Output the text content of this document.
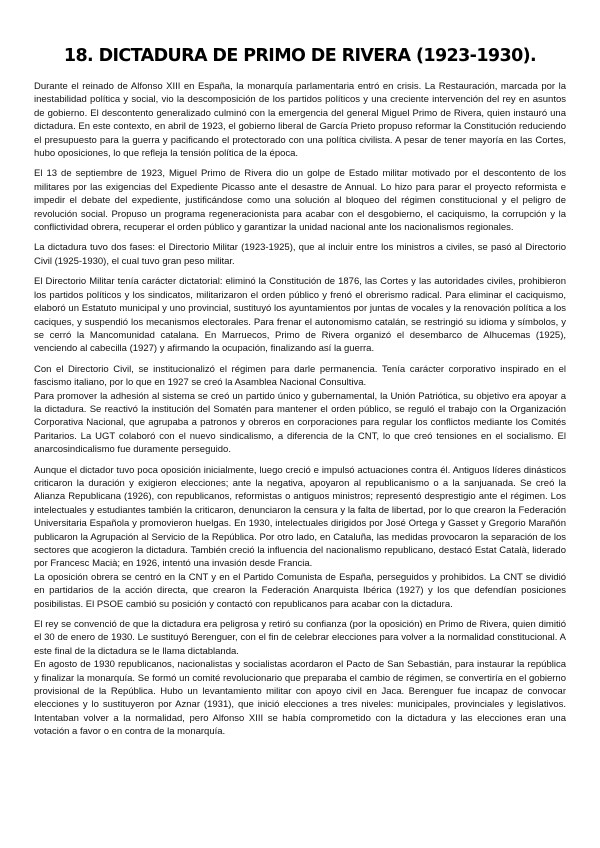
18. DICTADURA DE PRIMO DE RIVERA (1923-1930).

Durante el reinado de Alfonso XIII en España, la monarquía parlamentaria entró en crisis. La Restauración, marcada por la inestabilidad política y social, vio la descomposición de los partidos políticos y una creciente intervención del rey en asuntos de gobierno. El descontento generalizado culminó con la emergencia del general Miguel Primo de Rivera, quien instauró una dictadura. En este contexto, en abril de 1923, el gobierno liberal de García Prieto propuso reformar la Constitución reduciendo el presupuesto para la guerra y pacificando el protectorado con una política civilista. A pesar de tener mayoría en las Cortes, hubo oposiciones, lo que refleja la tensión política de la época.

El 13 de septiembre de 1923, Miguel Primo de Rivera dio un golpe de Estado militar motivado por el descontento de los militares por las exigencias del Expediente Picasso ante el desastre de Annual. Lo hizo para parar el proyecto reformista e impedir el debate del expediente, justificándose como una solución al bloqueo del régimen constitucional y el peligro de revolución social. Propuso un programa regeneracionista para acabar con el desgobierno, el caciquismo, la corrupción y la conflictividad obrera, recuperar el orden público y garantizar la unidad nacional ante los nacionalismos regionales.

La dictadura tuvo dos fases: el Directorio Militar (1923-1925), que al incluir entre los ministros a civiles, se pasó al Directorio Civil (1925-1930), el cual tuvo gran peso militar.

El Directorio Militar tenía carácter dictatorial: eliminó la Constitución de 1876, las Cortes y las autoridades civiles, prohibieron los partidos políticos y los sindicatos, militarizaron el orden público y frenó el obrerismo radical. Para eliminar el caciquismo, elaboró un Estatuto municipal y uno provincial, sustituyó los ayuntamientos por juntas de vocales y la renovación política a los caciques, y suspendió los mecanismos electorales. Para frenar el autonomismo catalán, se restringió su idioma y símbolos, y se cerró la Mancomunidad catalana. En Marruecos, Primo de Rivera organizó el desembarco de Alhucemas (1925), venciendo al cabecilla (1927) y afirmando la ocupación, finalizando así la guerra.

Con el Directorio Civil, se institucionalizó el régimen para darle permanencia. Tenía carácter corporativo inspirado en el fascismo italiano, por lo que en 1927 se creó la Asamblea Nacional Consultiva.

Para promover la adhesión al sistema se creó un partido único y gubernamental, la Unión Patriótica, su objetivo era apoyar a la dictadura. Se reactivó la institución del Somatén para mantener el orden público, se reguló el trabajo con la Organización Corporativa Nacional, que agrupaba a patronos y obreros en corporaciones para regular los conflictos mediante los Comités Paritarios. La UGT colaboró con el nuevo sindicalismo, a diferencia de la CNT, lo que creó tensiones en el socialismo. El anarcosindicalismo fue duramente perseguido.

Aunque el dictador tuvo poca oposición inicialmente, luego creció e impulsó actuaciones contra él. Antiguos líderes dinásticos criticaron la duración y exigieron elecciones; ante la negativa, apoyaron al republicanismo o a la sanjuanada. Se creó la Alianza Republicana (1926), con republicanos, reformistas o antiguos ministros; representó desprestigio ante el régimen. Los intelectuales y estudiantes también la criticaron, denunciaron la censura y la falta de libertad, por lo que crearon la Federación Universitaria Española y promovieron huelgas. En 1930, intelectuales dirigidos por José Ortega y Gasset y Gregorio Marañón publicaron la Agrupación al Servicio de la República. Por otro lado, en Cataluña, las medidas provocaron la separación de los sectores que acogieron la dictadura. También creció la influencia del nacionalismo republicano, destacó Estat Català, liderado por Francesc Macià; en 1926, intentó una invasión desde Francia.

La oposición obrera se centró en la CNT y en el Partido Comunista de España, perseguidos y prohibidos. La CNT se dividió en partidarios de la acción directa, que crearon la Federación Anarquista Ibérica (1927) y los que defendían posiciones posibilistas. El PSOE cambió su posición y contactó con republicanos para acabar con la dictadura.

El rey se convenció de que la dictadura era peligrosa y retiró su confianza (por la oposición) en Primo de Rivera, quien dimitió el 30 de enero de 1930. Le sustituyó Berenguer, con el fin de celebrar elecciones para volver a la normalidad constitucional. A este final de la dictadura se le llama dictablanda.

En agosto de 1930 republicanos, nacionalistas y socialistas acordaron el Pacto de San Sebastián, para instaurar la república y finalizar la monarquía. Se formó un comité revolucionario que preparaba el cambio de régimen, se convertiría en el gobierno provisional de la República. Hubo un levantamiento militar con apoyo civil en Jaca. Berenguer fue incapaz de convocar elecciones y lo sustituyeron por Aznar (1931), que inició elecciones a tres niveles: municipales, provinciales y legislativos. Intentaban volver a la normalidad, pero Alfonso XIII se había comprometido con la dictadura y las elecciones eran una votación a favor o en contra de la monarquía.
